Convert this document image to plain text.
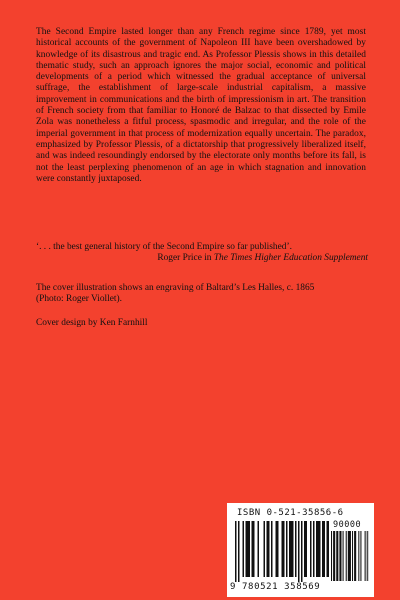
The Second Empire lasted longer than any French regime since 1789, yet most historical accounts of the government of Napoleon III have been overshadowed by knowledge of its disastrous and tragic end. As Professor Plessis shows in this detailed thematic study, such an approach ignores the major social, economic and political developments of a period which witnessed the gradual acceptance of universal suffrage, the establishment of large-scale industrial capitalism, a massive improvement in communications and the birth of impressionism in art. The transition of French society from that familiar to Honoré de Balzac to that dissected by Emile Zola was nonetheless a fitful process, spasmodic and irregular, and the role of the imperial government in that process of modernization equally uncertain. The paradox, emphasized by Professor Plessis, of a dictatorship that progressively liberalized itself, and was indeed resoundingly endorsed by the electorate only months before its fall, is not the least perplexing phenomenon of an age in which stagnation and innovation were constantly juxtaposed.

‘. . . the best general history of the Second Empire so far published’.
Roger Price in The Times Higher Education Supplement

The cover illustration shows an engraving of Baltard’s Les Halles, c. 1865 (Photo: Roger Viollet).

Cover design by Ken Farnhill

ISBN 0-521-35856-6
90000
9 780521 358569
